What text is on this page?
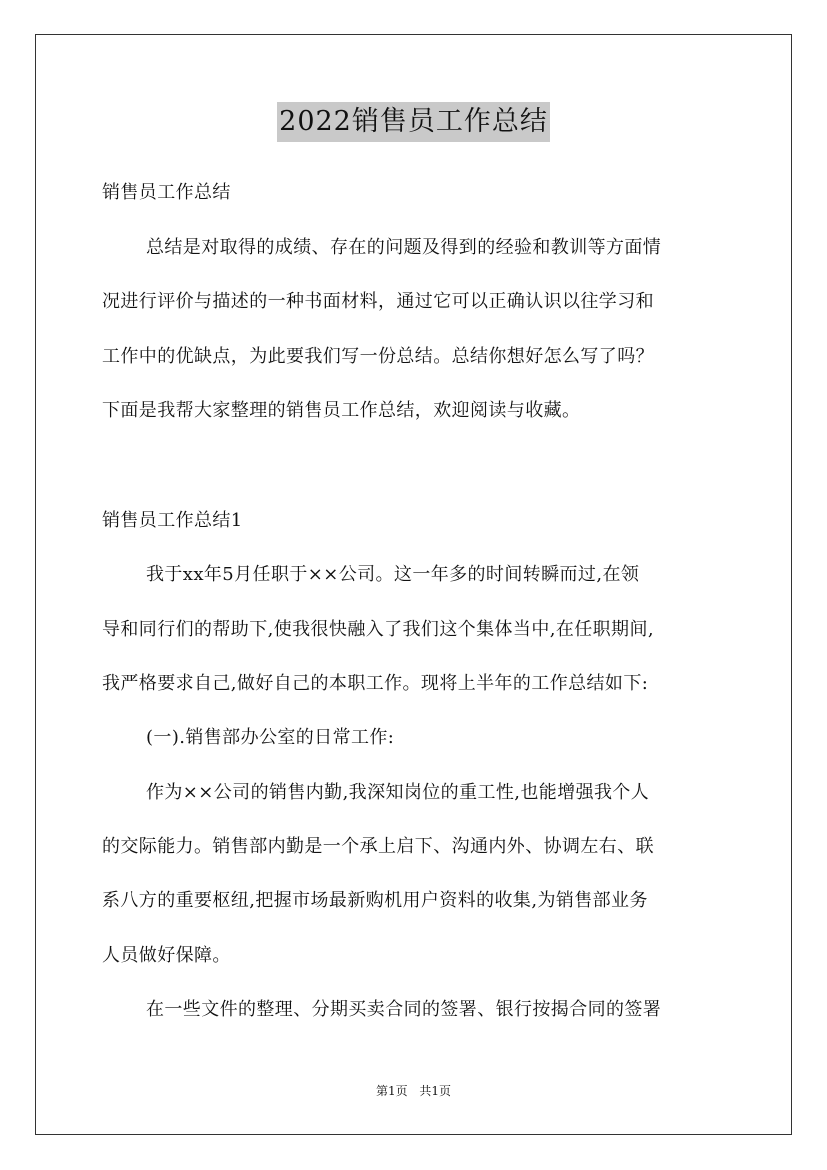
2022销售员工作总结
销售员工作总结
总结是对取得的成绩、存在的问题及得到的经验和教训等方面情
况进行评价与描述的一种书面材料，通过它可以正确认识以往学习和
工作中的优缺点，为此要我们写一份总结。总结你想好怎么写了吗？
下面是我帮大家整理的销售员工作总结，欢迎阅读与收藏。
销售员工作总结1
我于xx年5月任职于××公司。这一年多的时间转瞬而过,在领
导和同行们的帮助下,使我很快融入了我们这个集体当中,在任职期间,
我严格要求自己,做好自己的本职工作。现将上半年的工作总结如下:
(一).销售部办公室的日常工作:
作为××公司的销售内勤,我深知岗位的重工性,也能增强我个人
的交际能力。销售部内勤是一个承上启下、沟通内外、协调左右、联
系八方的重要枢纽,把握市场最新购机用户资料的收集,为销售部业务
人员做好保障。
在一些文件的整理、分期买卖合同的签署、银行按揭合同的签署
第1页 共1页
